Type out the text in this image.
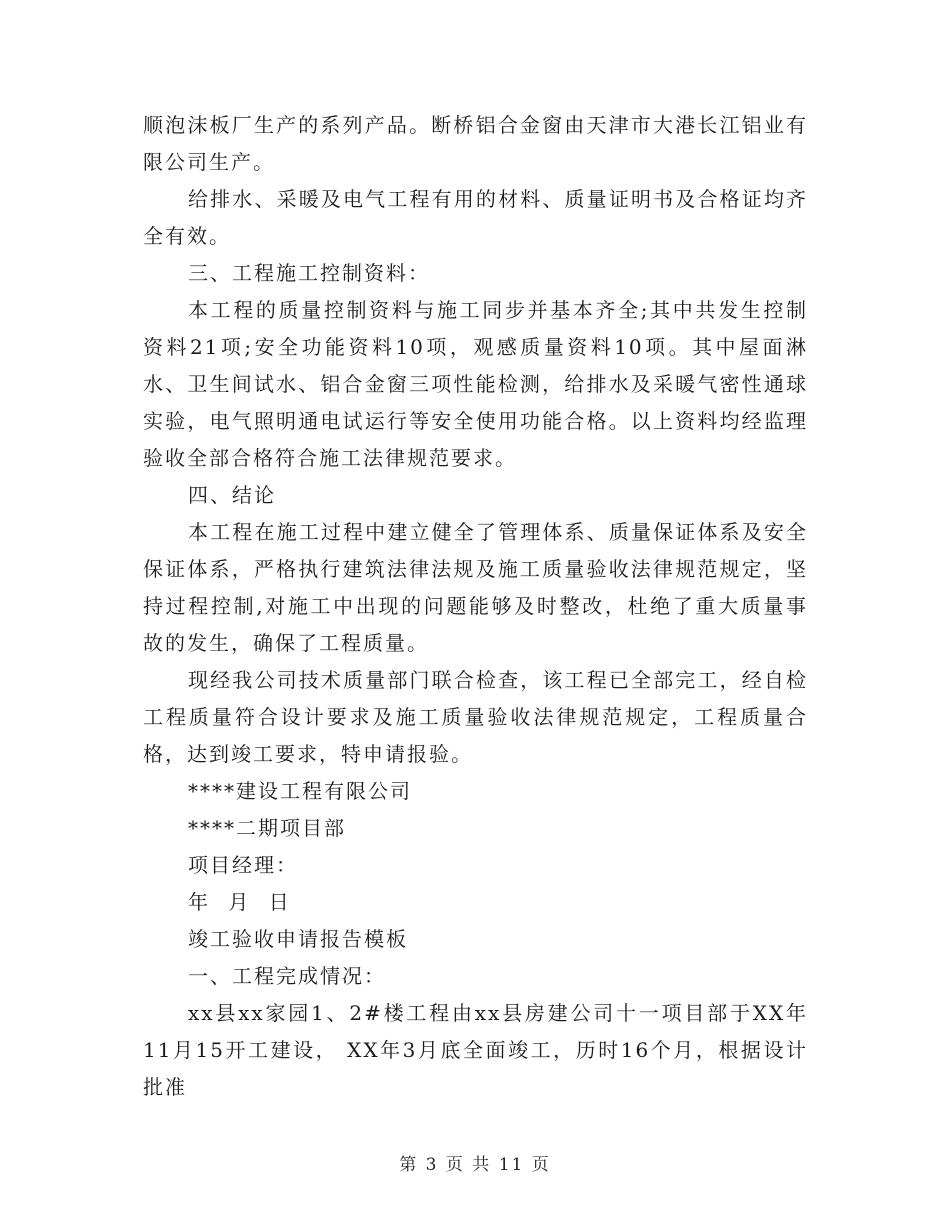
顺泡沫板厂生产的系列产品。断桥铝合金窗由天津市大港长江铝业有限公司生产。

给排水、采暖及电气工程有用的材料、质量证明书及合格证均齐全有效。

三、工程施工控制资料：

本工程的质量控制资料与施工同步并基本齐全;其中共发生控制资料21项;安全功能资料10项，观感质量资料10项。其中屋面淋水、卫生间试水、铝合金窗三项性能检测，给排水及采暖气密性通球实验，电气照明通电试运行等安全使用功能合格。以上资料均经监理验收全部合格符合施工法律规范要求。

四、结论

本工程在施工过程中建立健全了管理体系、质量保证体系及安全保证体系，严格执行建筑法律法规及施工质量验收法律规范规定，坚持过程控制,对施工中出现的问题能够及时整改，杜绝了重大质量事故的发生，确保了工程质量。

现经我公司技术质量部门联合检查，该工程已全部完工，经自检工程质量符合设计要求及施工质量验收法律规范规定，工程质量合格，达到竣工要求，特申请报验。

****建设工程有限公司

****二期项目部

项目经理：

年 月 日

竣工验收申请报告模板

一、工程完成情况：

xx县xx家园1、2#楼工程由xx县房建公司十一项目部于XX年11月15开工建设， XX年3月底全面竣工，历时16个月，根据设计批准

第 3 页 共 11 页
